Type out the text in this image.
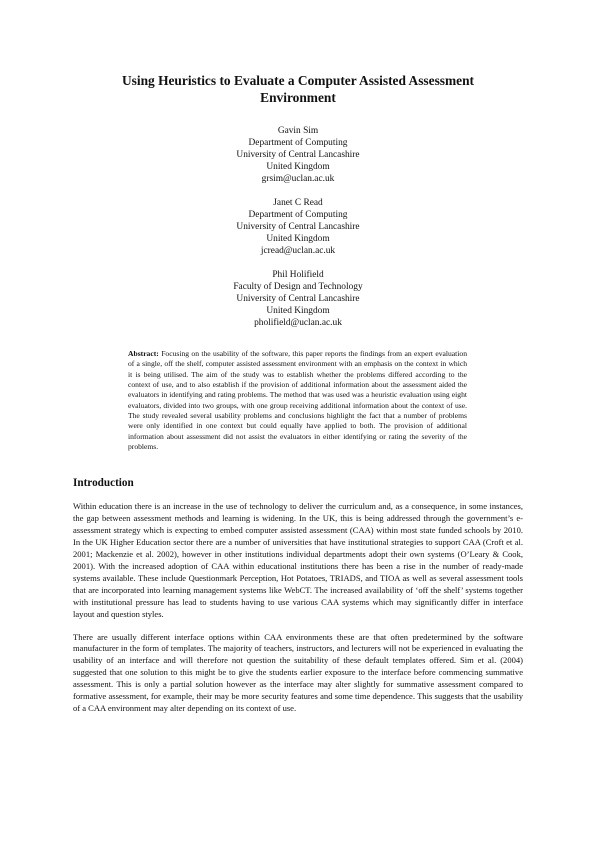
Using Heuristics to Evaluate a Computer Assisted Assessment Environment
Gavin Sim
Department of Computing
University of Central Lancashire
United Kingdom
grsim@uclan.ac.uk
Janet C Read
Department of Computing
University of Central Lancashire
United Kingdom
jcread@uclan.ac.uk
Phil Holifield
Faculty of Design and Technology
University of Central Lancashire
United Kingdom
pholifield@uclan.ac.uk
Abstract: Focusing on the usability of the software, this paper reports the findings from an expert evaluation of a single, off the shelf, computer assisted assessment environment with an emphasis on the context in which it is being utilised. The aim of the study was to establish whether the problems differed according to the context of use, and to also establish if the provision of additional information about the assessment aided the evaluators in identifying and rating problems. The method that was used was a heuristic evaluation using eight evaluators, divided into two groups, with one group receiving additional information about the context of use. The study revealed several usability problems and conclusions highlight the fact that a number of problems were only identified in one context but could equally have applied to both. The provision of additional information about assessment did not assist the evaluators in either identifying or rating the severity of the problems.
Introduction

Within education there is an increase in the use of technology to deliver the curriculum and, as a consequence, in some instances, the gap between assessment methods and learning is widening. In the UK, this is being addressed through the government’s e-assessment strategy which is expecting to embed computer assisted assessment (CAA) within most state funded schools by 2010. In the UK Higher Education sector there are a number of universities that have institutional strategies to support CAA (Croft et al. 2001; Mackenzie et al. 2002), however in other institutions individual departments adopt their own systems (O’Leary & Cook, 2001). With the increased adoption of CAA within educational institutions there has been a rise in the number of ready-made systems available. These include Questionmark Perception, Hot Potatoes, TRIADS, and TIOA as well as several assessment tools that are incorporated into learning management systems like WebCT. The increased availability of ‘off the shelf’ systems together with institutional pressure has lead to students having to use various CAA systems which may significantly differ in interface layout and question styles.

There are usually different interface options within CAA environments these are that often predetermined by the software manufacturer in the form of templates. The majority of teachers, instructors, and lecturers will not be experienced in evaluating the usability of an interface and will therefore not question the suitability of these default templates offered. Sim et al. (2004) suggested that one solution to this might be to give the students earlier exposure to the interface before commencing summative assessment. This is only a partial solution however as the interface may alter slightly for summative assessment compared to formative assessment, for example, their may be more security features and some time dependence. This suggests that the usability of a CAA environment may alter depending on its context of use.
